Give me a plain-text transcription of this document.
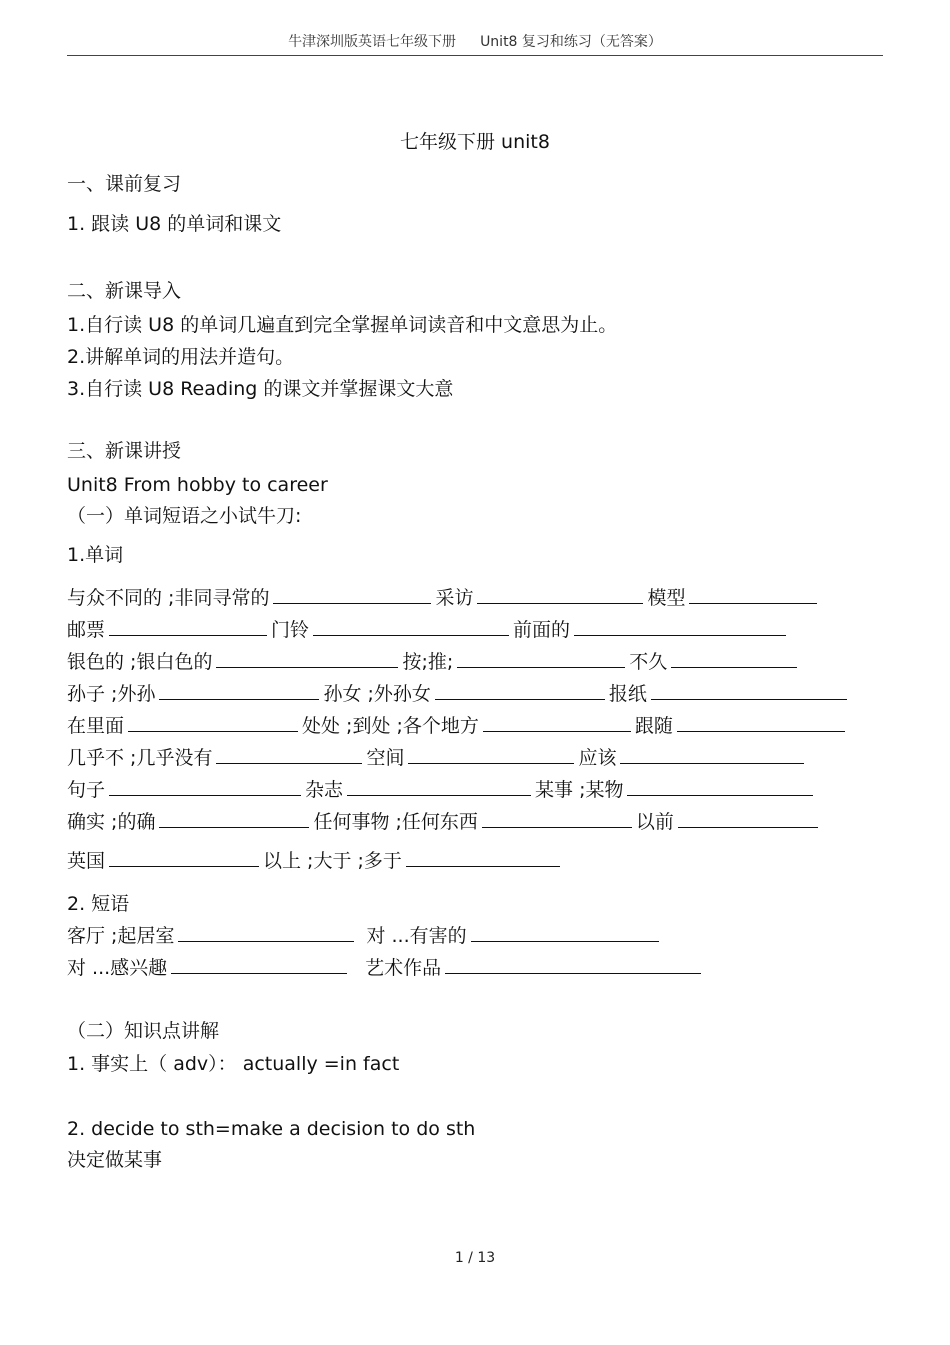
牛津深圳版英语七年级下册 Unit8 复习和练习（无答案）
七年级下册 unit8
一、课前复习
1. 跟读 U8 的单词和课文
二、新课导入
1.自行读 U8 的单词几遍直到完全掌握单词读音和中文意思为止。
2.讲解单词的用法并造句。
3.自行读 U8 Reading 的课文并掌握课文大意
三、新课讲授
Unit8 From hobby to career
（一）单词短语之小试牛刀:
1.单词
与众不同的 ;非同寻常的	采访	模型
邮票	门铃	前面的
银色的 ;银白色的	按;推;	不久
孙子 ;外孙	孙女 ;外孙女	报纸
在里面	处处 ;到处 ;各个地方	跟随
几乎不 ;几乎没有	空间	应该
句子	杂志	某事 ;某物
确实 ;的确	任何事物 ;任何东西	以前
英国	以上 ;大于 ;多于
2. 短语
客厅 ;起居室	对 ...有害的
对 ...感兴趣	艺术作品
（二）知识点讲解
1. 事实上（ adv）： actually =in fact
2. decide to sth=make a decision to do sth
决定做某事
1 / 13
